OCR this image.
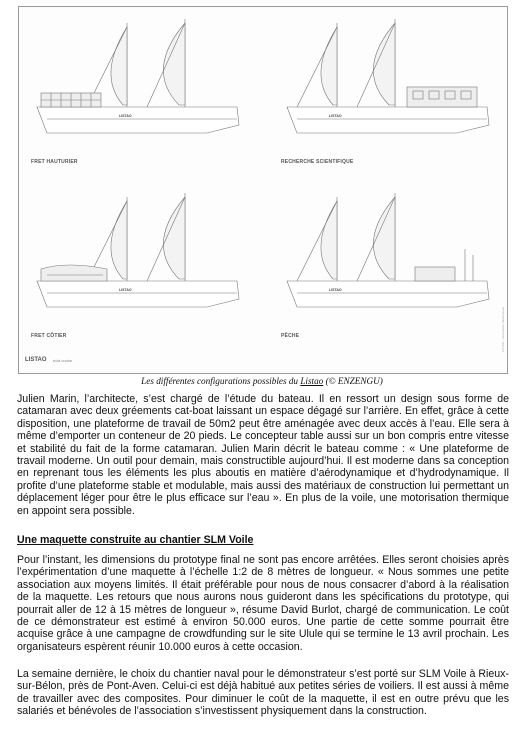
LISTAO
FRET HAUTURIER
LISTAO
RECHERCHE SCIENTIFIQUE
LISTAO
FRET CÔTIER
LISTAO
PÊCHE
LISTAO écla cruise
LISTAO - Association Multicoques
Les différentes configurations possibles du Listao (© ENZENGU)

Julien Marin, l’architecte, s’est chargé de l’étude du bateau. Il en ressort un design sous forme de catamaran avec deux gréements cat-boat laissant un espace dégagé sur l’arrière. En effet, grâce à cette disposition, une plateforme de travail de 50m2 peut être aménagée avec deux accès à l’eau. Elle sera à même d’emporter un conteneur de 20 pieds. Le concepteur table aussi sur un bon compris entre vitesse et stabilité du fait de la forme catamaran. Julien Marin décrit le bateau comme : « Une plateforme de travail moderne. Un outil pour demain, mais constructible aujourd’hui. Il est moderne dans sa conception en reprenant tous les éléments les plus aboutis en matière d’aérodynamique et d’hydrodynamique. Il profite d’une plateforme stable et modulable, mais aussi des matériaux de construction lui permettant un déplacement léger pour être le plus efficace sur l’eau ». En plus de la voile, une motorisation thermique en appoint sera possible.

Une maquette construite au chantier SLM Voile

Pour l’instant, les dimensions du prototype final ne sont pas encore arrêtées. Elles seront choisies après l’expérimentation d’une maquette à l’échelle 1:2 de 8 mètres de longueur. « Nous sommes une petite association aux moyens limités. Il était préférable pour nous de nous consacrer d’abord à la réalisation de la maquette. Les retours que nous aurons nous guideront dans les spécifications du prototype, qui pourrait aller de 12 à 15 mètres de longueur », résume David Burlot, chargé de communication. Le coût de ce démonstrateur est estimé à environ 50.000 euros. Une partie de cette somme pourrait être acquise grâce à une campagne de crowdfunding sur le site Ulule qui se termine le 13 avril prochain. Les organisateurs espèrent réunir 10.000 euros à cette occasion.

La semaine dernière, le choix du chantier naval pour le démonstrateur s’est porté sur SLM Voile à Rieux-sur-Bélon, près de Pont-Aven. Celui-ci est déjà habitué aux petites séries de voiliers. Il est aussi à même de travailler avec des composites. Pour diminuer le coût de la maquette, il est en outre prévu que les salariés et bénévoles de l’association s’investissent physiquement dans la construction.
